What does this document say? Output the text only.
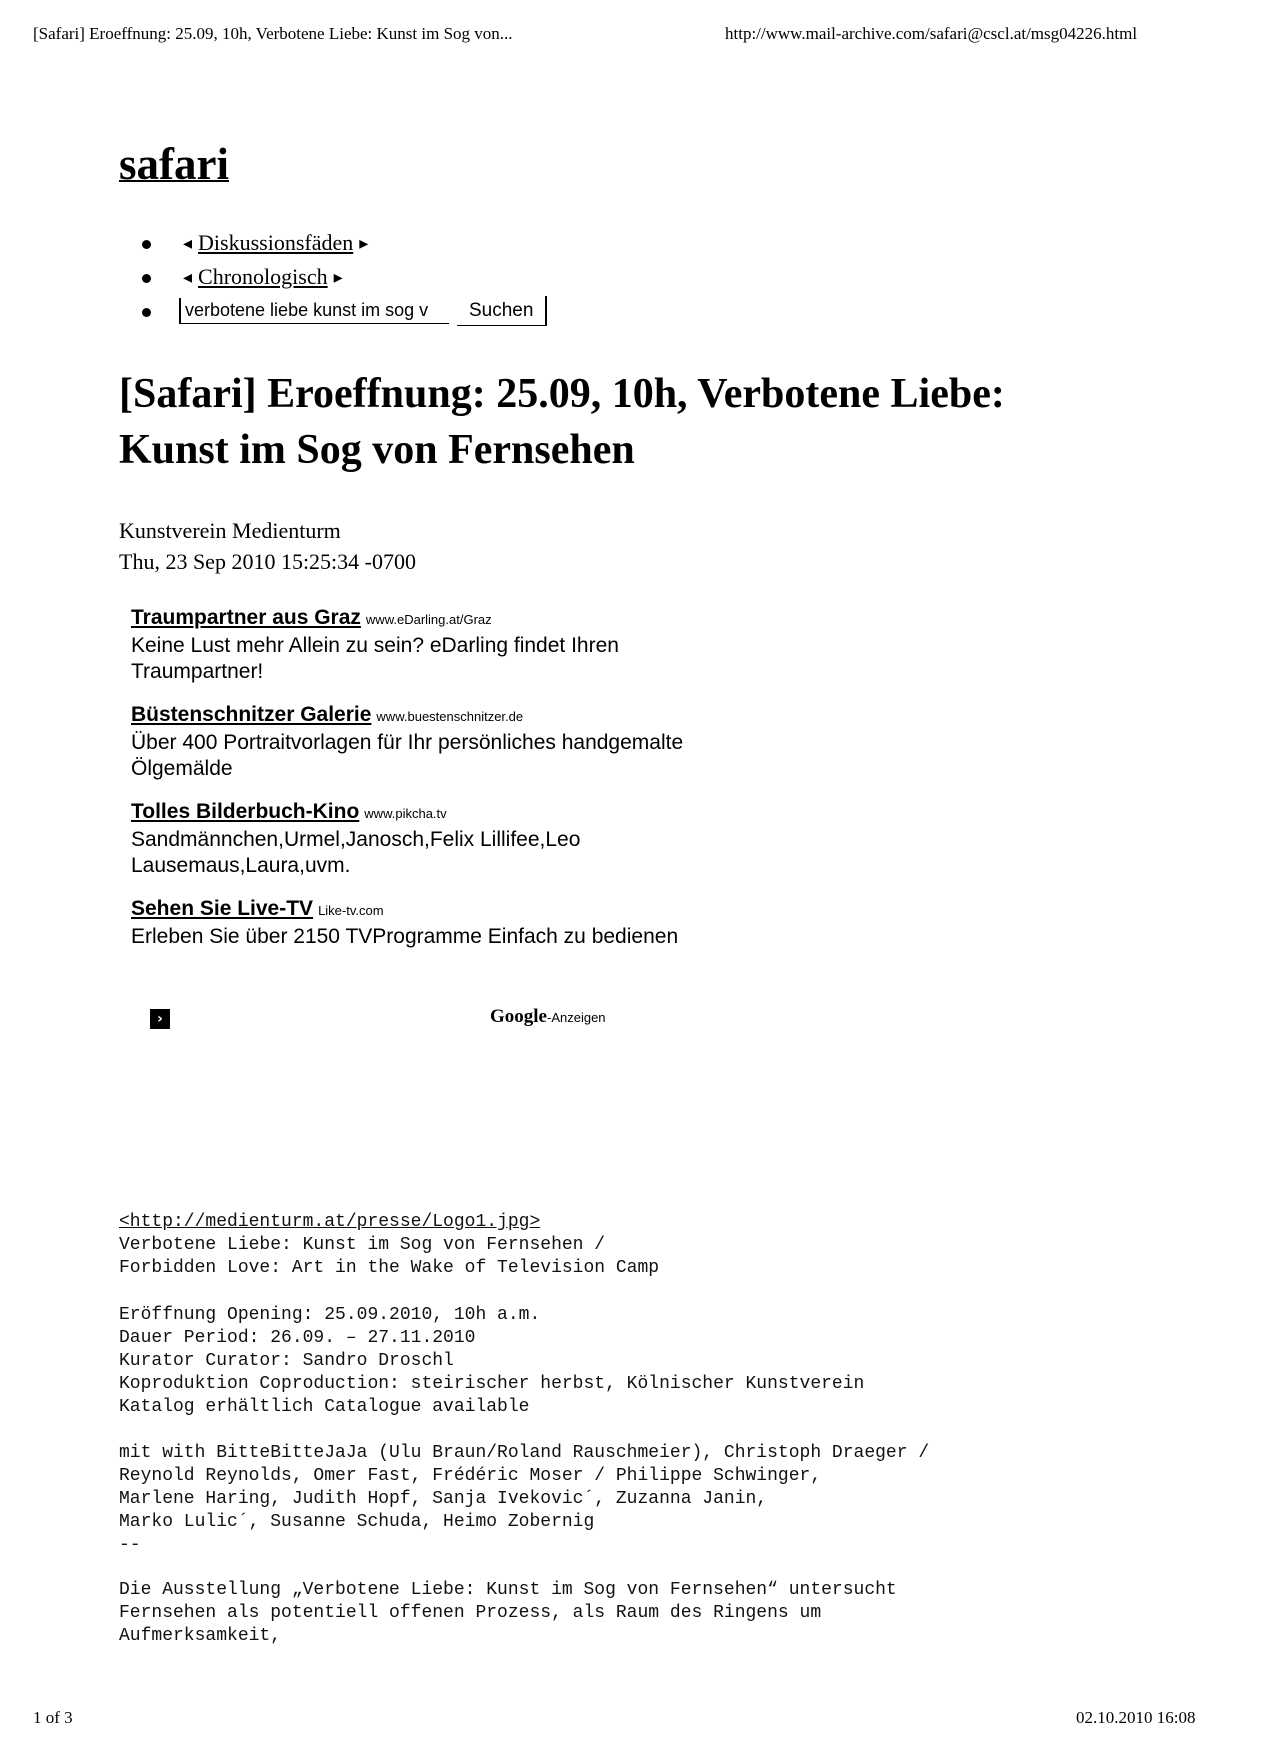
[Safari] Eroeffnung: 25.09, 10h, Verbotene Liebe: Kunst im Sog von...	http://www.mail-archive.com/safari@cscl.at/msg04226.html
safari
◂ Diskussionsfäden ▸
◂ Chronologisch ▸
verbotene liebe kunst im sog v
Suchen
[Safari] Eroeffnung: 25.09, 10h, Verbotene Liebe: Kunst im Sog von Fernsehen
Kunstverein Medienturm
Thu, 23 Sep 2010 15:25:34 -0700
Traumpartner aus Graz www.eDarling.at/Graz
Keine Lust mehr Allein zu sein? eDarling findet Ihren Traumpartner!
Büstenschnitzer Galerie www.buestenschnitzer.de
Über 400 Portraitvorlagen für Ihr persönliches handgemalte Ölgemälde
Tolles Bilderbuch-Kino www.pikcha.tv
Sandmännchen,Urmel,Janosch,Felix Lillifee,Leo Lausemaus,Laura,uvm.
Sehen Sie Live-TV Like-tv.com
Erleben Sie über 2150 TVProgramme Einfach zu bedienen
›	Google-Anzeigen
<http://medienturm.at/presse/Logo1.jpg>
Verbotene Liebe: Kunst im Sog von Fernsehen /
Forbidden Love: Art in the Wake of Television Camp
Eröffnung Opening: 25.09.2010, 10h a.m.
Dauer Period: 26.09. – 27.11.2010
Kurator Curator: Sandro Droschl
Koproduktion Coproduction: steirischer herbst, Kölnischer Kunstverein
Katalog erhältlich Catalogue available
mit with BitteBitteJaJa (Ulu Braun/Roland Rauschmeier), Christoph Draeger /
Reynold Reynolds, Omer Fast, Frédéric Moser / Philippe Schwinger,
Marlene Haring, Judith Hopf, Sanja Ivekovic´, Zuzanna Janin,
Marko Lulic´, Susanne Schuda, Heimo Zobernig
--
Die Ausstellung „Verbotene Liebe: Kunst im Sog von Fernsehen“ untersucht
Fernsehen als potentiell offenen Prozess, als Raum des Ringens um
Aufmerksamkeit,
1 of 3	02.10.2010 16:08
